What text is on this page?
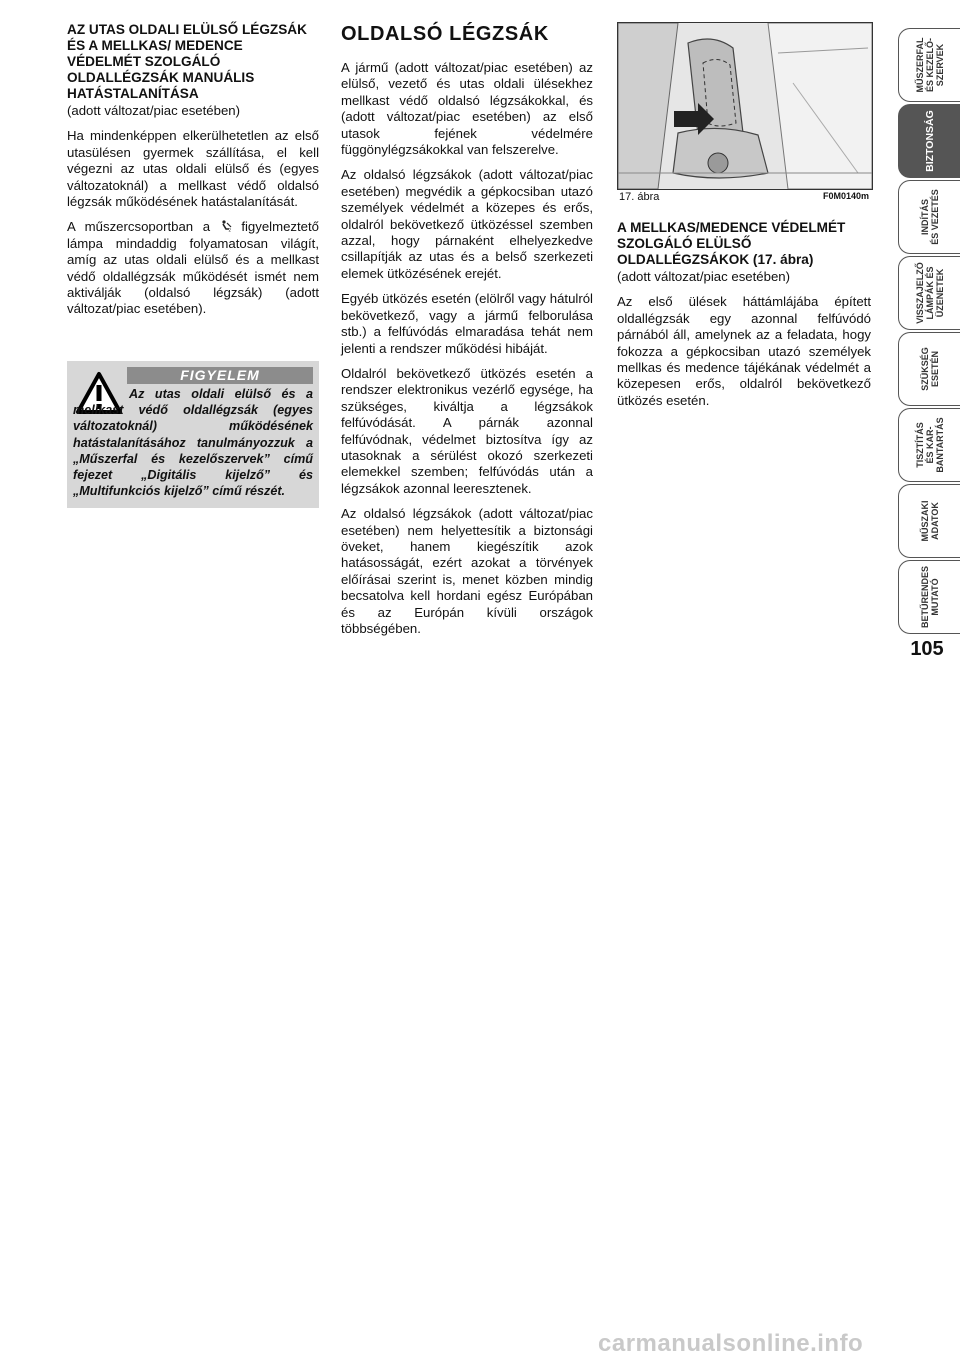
AZ UTAS OLDALI ELÜLSŐ LÉGZSÁK ÉS A MELLKAS/ MEDENCE VÉDELMÉT SZOLGÁLÓ OLDALLÉGZSÁK MANUÁLIS HATÁSTALANÍTÁSA
(adott változat/piac esetében)

Ha mindenképpen elkerülhetetlen az első utasülésen gyermek szállítása, el kell végezni az utas oldali elülső és (egyes változatoknál) a mellkast védő oldalsó légzsák működésének hatástalanítását.

A műszercsoportban a	2 figyelmeztető lámpa mindaddig folyamatosan világít, amíg az utas oldali elülső és a mellkast védő oldallégzsák működését ismét nem aktiválják (oldalsó légzsák) (adott változat/piac esetében).

FIGYELEM
Az utas oldali elülső és a mellkast védő oldallégzsák (egyes változatoknál) működésének hatástalanításához tanulmányozzuk a „Műszerfal és kezelőszervek” című fejezet „Digitális kijelző” és „Multifunkciós kijelző” című részét.
OLDALSÓ LÉGZSÁK

A jármű (adott változat/piac esetében) az elülső, vezető és utas oldali ülésekhez mellkast védő oldalsó légzsákokkal, és (adott változat/piac esetében) az első utasok fejének védelmére függönylégzsákokkal van felszerelve.

Az oldalsó légzsákok (adott változat/piac esetében) megvédik a gépkocsiban utazó személyek védelmét a közepes és erős, oldalról bekövetkező ütközéssel szemben azzal, hogy párnaként elhelyezkedve csillapítják az utas és a belső szerkezeti elemek ütközésének erejét.

Egyéb ütközés esetén (elölről vagy hátulról bekövetkező, vagy a jármű felborulása stb.) a felfúvódás elmaradása tehát nem jelenti a rendszer működési hibáját.

Oldalról bekövetkező ütközés esetén a rendszer elektronikus vezérlő egysége, ha szükséges, kiváltja a légzsákok felfúvódását. A párnák azonnal felfúvódnak, védelmet biztosítva így az utasoknak a sérülést okozó szerkezeti elemekkel szemben; felfúvódás után a légzsákok azonnal leeresztenek.

Az oldalsó légzsákok (adott változat/piac esetében) nem helyettesítik a biztonsági öveket, hanem kiegészítik azok hatásosságát, ezért azokat a törvények előírásai szerint is, menet közben mindig becsatolva kell hordani egész Európában és az Európán kívüli országok többségében.

17. ábra	F0M0140m
A MELLKAS/MEDENCE VÉDELMÉT SZOLGÁLÓ ELÜLSŐ OLDALLÉGZSÁKOK (17. ábra)
(adott változat/piac esetében)

Az első ülések háttámlájába épített oldallégzsák egy azonnal felfúvódó párnából áll, amelynek az a feladata, hogy fokozza a gépkocsiban utazó személyek mellkas és medence tájékának védelmét a közepesen erős, oldalról bekövetkező ütközés esetén.

MŰSZERFAL
ÉS KEZELŐ-
SZERVEK
BIZTONSÁG
INDÍTÁS
ÉS VEZETÉS
VISSZAJELZŐ
LÁMPÁK ÉS
ÜZENETEK
SZÜKSÉG
ESETÉN
TISZTÍTÁS
ÉS KAR-
BANTARTÁS
MŰSZAKI
ADATOK
BETŰRENDES
MUTATÓ
105
carmanualsonline.info
